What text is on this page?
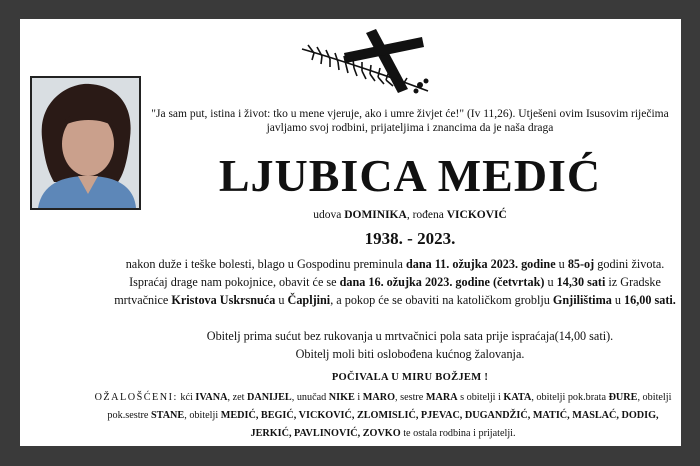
"Ja sam put, istina i život: tko u mene vjeruje, ako i umre živjet će!" (Iv 11,26). Utješeni ovim Isusovim riječima javljamo svoj rodbini, prijateljima i znancima da je naša draga
LJUBICA MEDIĆ
udova DOMINIKA, rođena VICKOVIĆ
1938. - 2023.
nakon duže i teške bolesti, blago u Gospodinu preminula dana 11. ožujka 2023. godine u 85-oj godini života.
Ispraćaj drage nam pokojnice, obavit će se dana 16. ožujka 2023. godine (četvrtak) u 14,30 sati iz Gradske mrtvačnice Kristova Uskrsnuća u Čapljini, a pokop će se obaviti na katoličkom groblju Gnjilištima u 16,00 sati.
Obitelj prima sućut bez rukovanja u mrtvačnici pola sata prije ispraćaja(14,00 sati).
Obitelj moli biti oslobođena kućnog žalovanja.
POČIVALA U MIRU BOŽJEM !
OŽALOŠĆENI: kći IVANA, zet DANIJEL, unučad NIKE i MARO, sestre MARA s obitelji i KATA, obitelji pok.brata ĐURE, obitelji pok.sestre STANE, obitelji MEDIĆ, BEGIĆ, VICKOVIĆ, ZLOMISLIĆ, PJEVAC, DUGANDŽIĆ, MATIĆ, MASLAĆ, DODIG, JERKIĆ, PAVLINOVIĆ, ZOVKO te ostala rodbina i prijatelji.
